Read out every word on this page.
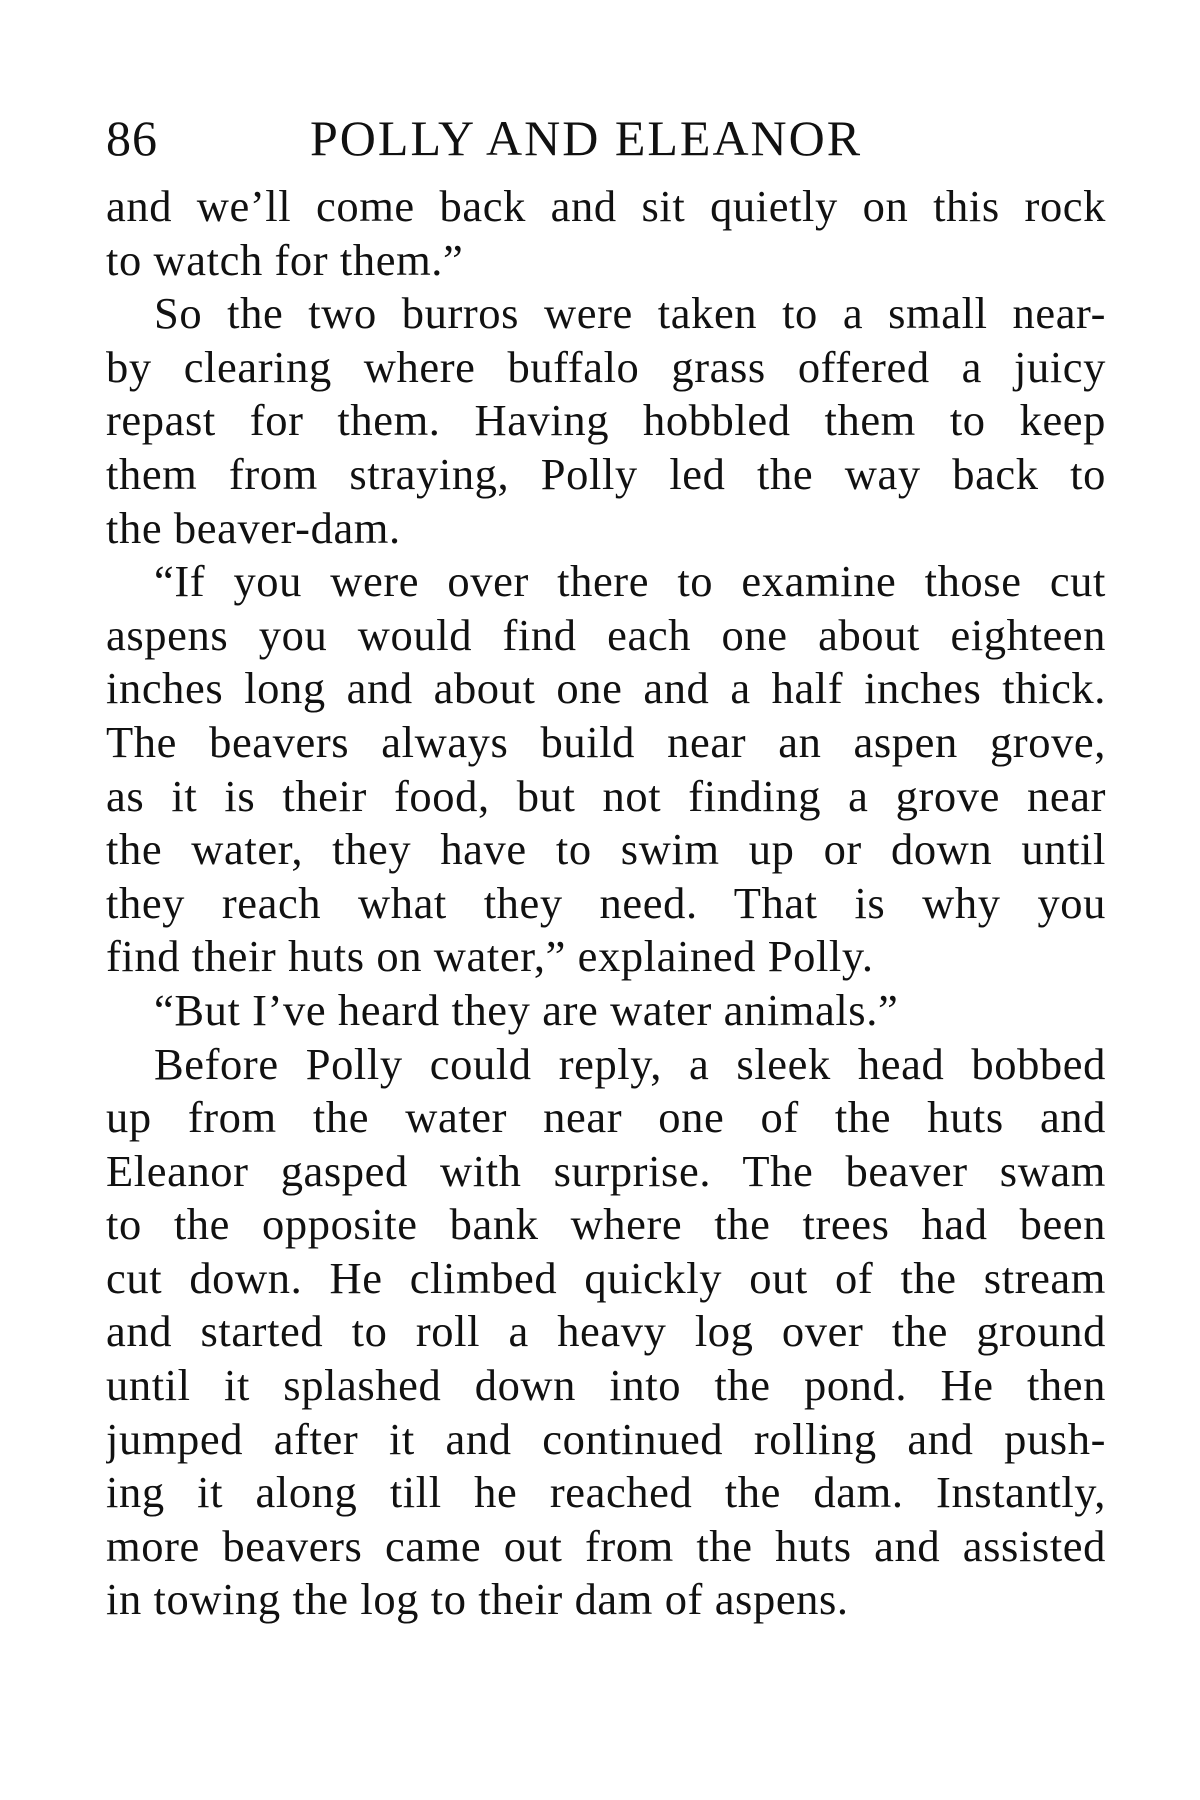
86	POLLY AND ELEANOR
and we’ll come back and sit quietly on this rock
to watch for them.”
So the two burros were taken to a small near-
by clearing where buffalo grass offered a juicy
repast for them. Having hobbled them to keep
them from straying, Polly led the way back to
the beaver-dam.
“If you were over there to examine those cut
aspens you would find each one about eighteen
inches long and about one and a half inches thick.
The beavers always build near an aspen grove,
as it is their food, but not finding a grove near
the water, they have to swim up or down until
they reach what they need. That is why you
find their huts on water,” explained Polly.
“But I’ve heard they are water animals.”
Before Polly could reply, a sleek head bobbed
up from the water near one of the huts and
Eleanor gasped with surprise. The beaver swam
to the opposite bank where the trees had been
cut down. He climbed quickly out of the stream
and started to roll a heavy log over the ground
until it splashed down into the pond. He then
jumped after it and continued rolling and push-
ing it along till he reached the dam. Instantly,
more beavers came out from the huts and assisted
in towing the log to their dam of aspens.
